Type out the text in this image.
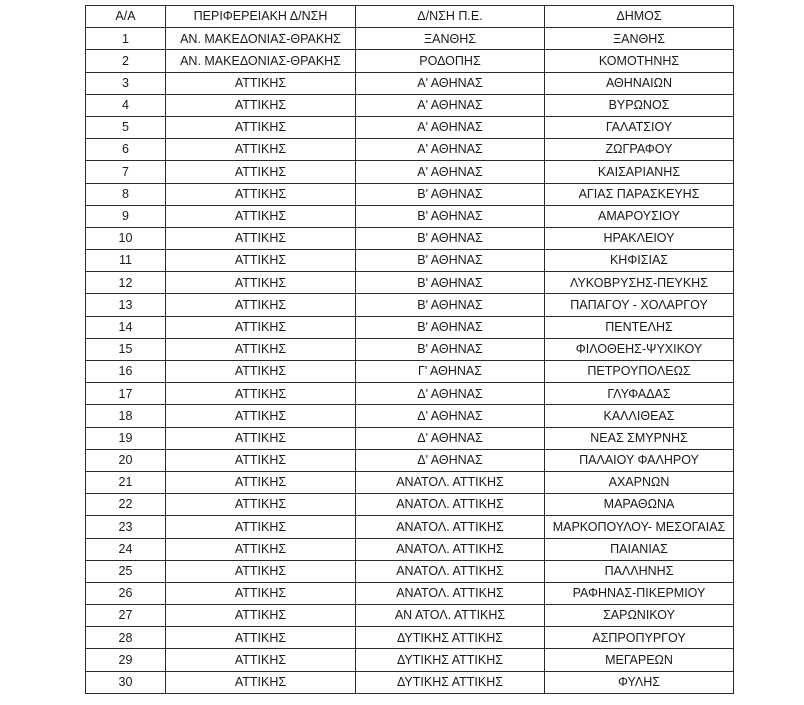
Α/Α	ΠΕΡΙΦΕΡΕΙΑΚΗ Δ/ΝΣΗ	Δ/ΝΣΗ Π.Ε.	ΔΗΜΟΣ
1	ΑΝ. ΜΑΚΕΔΟΝΙΑΣ-ΘΡΑΚΗΣ	ΞΑΝΘΗΣ	ΞΑΝΘΗΣ
2	ΑΝ. ΜΑΚΕΔΟΝΙΑΣ-ΘΡΑΚΗΣ	ΡΟΔΟΠΗΣ	ΚΟΜΟΤΗΝΗΣ
3	ΑΤΤΙΚΗΣ	Α' ΑΘΗΝΑΣ	ΑΘΗΝΑΙΩΝ
4	ΑΤΤΙΚΗΣ	Α' ΑΘΗΝΑΣ	ΒΥΡΩΝΟΣ
5	ΑΤΤΙΚΗΣ	Α' ΑΘΗΝΑΣ	ΓΑΛΑΤΣΙΟΥ
6	ΑΤΤΙΚΗΣ	Α' ΑΘΗΝΑΣ	ΖΩΓΡΑΦΟΥ
7	ΑΤΤΙΚΗΣ	Α' ΑΘΗΝΑΣ	ΚΑΙΣΑΡΙΑΝΗΣ
8	ΑΤΤΙΚΗΣ	Β' ΑΘΗΝΑΣ	ΑΓΙΑΣ ΠΑΡΑΣΚΕΥΗΣ
9	ΑΤΤΙΚΗΣ	Β' ΑΘΗΝΑΣ	ΑΜΑΡΟΥΣΙΟΥ
10	ΑΤΤΙΚΗΣ	Β' ΑΘΗΝΑΣ	ΗΡΑΚΛΕΙΟΥ
11	ΑΤΤΙΚΗΣ	Β' ΑΘΗΝΑΣ	ΚΗΦΙΣΙΑΣ
12	ΑΤΤΙΚΗΣ	Β' ΑΘΗΝΑΣ	ΛΥΚΟΒΡΥΣΗΣ-ΠΕΥΚΗΣ
13	ΑΤΤΙΚΗΣ	Β' ΑΘΗΝΑΣ	ΠΑΠΑΓΟΥ - ΧΟΛΑΡΓΟΥ
14	ΑΤΤΙΚΗΣ	Β' ΑΘΗΝΑΣ	ΠΕΝΤΕΛΗΣ
15	ΑΤΤΙΚΗΣ	Β' ΑΘΗΝΑΣ	ΦΙΛΟΘΕΗΣ-ΨΥΧΙΚΟΥ
16	ΑΤΤΙΚΗΣ	Γ' ΑΘΗΝΑΣ	ΠΕΤΡΟΥΠΟΛΕΩΣ
17	ΑΤΤΙΚΗΣ	Δ' ΑΘΗΝΑΣ	ΓΛΥΦΑΔΑΣ
18	ΑΤΤΙΚΗΣ	Δ' ΑΘΗΝΑΣ	ΚΑΛΛΙΘΕΑΣ
19	ΑΤΤΙΚΗΣ	Δ' ΑΘΗΝΑΣ	ΝΕΑΣ ΣΜΥΡΝΗΣ
20	ΑΤΤΙΚΗΣ	Δ' ΑΘΗΝΑΣ	ΠΑΛΑΙΟΥ ΦΑΛΗΡΟΥ
21	ΑΤΤΙΚΗΣ	ΑΝΑΤΟΛ. ΑΤΤΙΚΗΣ	ΑΧΑΡΝΩΝ
22	ΑΤΤΙΚΗΣ	ΑΝΑΤΟΛ. ΑΤΤΙΚΗΣ	ΜΑΡΑΘΩΝΑ
23	ΑΤΤΙΚΗΣ	ΑΝΑΤΟΛ. ΑΤΤΙΚΗΣ	ΜΑΡΚΟΠΟΥΛΟΥ- ΜΕΣΟΓΑΙΑΣ
24	ΑΤΤΙΚΗΣ	ΑΝΑΤΟΛ. ΑΤΤΙΚΗΣ	ΠΑΙΑΝΙΑΣ
25	ΑΤΤΙΚΗΣ	ΑΝΑΤΟΛ. ΑΤΤΙΚΗΣ	ΠΑΛΛΗΝΗΣ
26	ΑΤΤΙΚΗΣ	ΑΝΑΤΟΛ. ΑΤΤΙΚΗΣ	ΡΑΦΗΝΑΣ-ΠΙΚΕΡΜΙΟΥ
27	ΑΤΤΙΚΗΣ	ΑΝ ΑΤΟΛ. ΑΤΤΙΚΗΣ	ΣΑΡΩΝΙΚΟΥ
28	ΑΤΤΙΚΗΣ	ΔΥΤΙΚΗΣ ΑΤΤΙΚΗΣ	ΑΣΠΡΟΠΥΡΓΟΥ
29	ΑΤΤΙΚΗΣ	ΔΥΤΙΚΗΣ ΑΤΤΙΚΗΣ	ΜΕΓΑΡΕΩΝ
30	ΑΤΤΙΚΗΣ	ΔΥΤΙΚΗΣ ΑΤΤΙΚΗΣ	ΦΥΛΗΣ
